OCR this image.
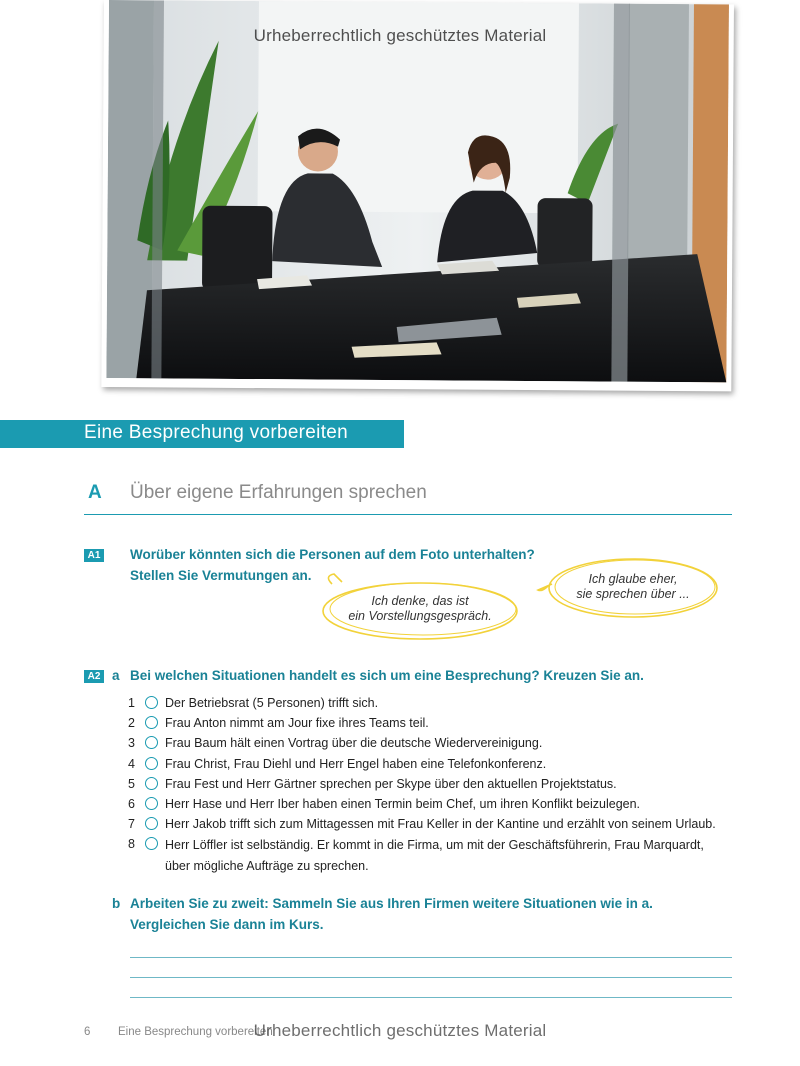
Urheberrechtlich geschütztes Material
Eine Besprechung vorbereiten
A Über eigene Erfahrungen sprechen
A1 Worüber könnten sich die Personen auf dem Foto unterhalten?
Stellen Sie Vermutungen an.
Ich denke, das ist
ein Vorstellungsgespräch.
Ich glaube eher,
sie sprechen über ...
A2 a Bei welchen Situationen handelt es sich um eine Besprechung? Kreuzen Sie an.
1	Der Betriebsrat (5 Personen) trifft sich.
2	Frau Anton nimmt am Jour fixe ihres Teams teil.
3	Frau Baum hält einen Vortrag über die deutsche Wiedervereinigung.
4	Frau Christ, Frau Diehl und Herr Engel haben eine Telefonkonferenz.
5	Frau Fest und Herr Gärtner sprechen per Skype über den aktuellen Projektstatus.
6	Herr Hase und Herr Iber haben einen Termin beim Chef, um ihren Konflikt beizulegen.
7	Herr Jakob trifft sich zum Mittagessen mit Frau Keller in der Kantine und erzählt von seinem Urlaub.
8	Herr Löffler ist selbständig. Er kommt in die Firma, um mit der Geschäftsführerin, Frau Marquardt, über mögliche Aufträge zu sprechen.
b Arbeiten Sie zu zweit: Sammeln Sie aus Ihren Firmen weitere Situationen wie in a.
Vergleichen Sie dann im Kurs.
6 Eine Besprechung vorbereiten
Urheberrechtlich geschütztes Material
